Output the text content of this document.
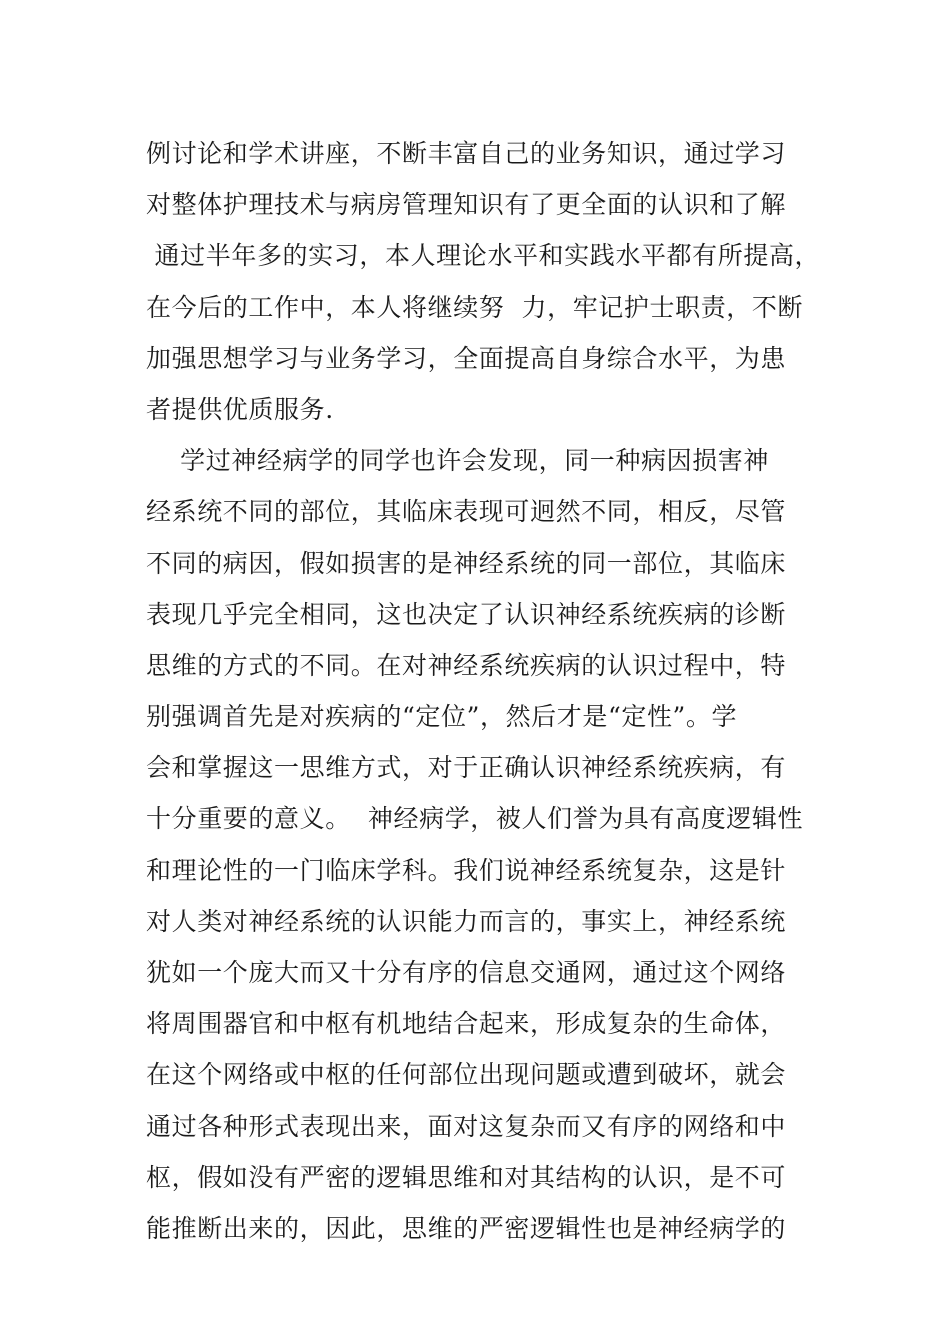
例讨论和学术讲座，不断丰富自己的业务知识，通过学习
对整体护理技术与病房管理知识有了更全面的认识和了解
通过半年多的实习，本人理论水平和实践水平都有所提高，
在今后的工作中，本人将继续努  力，牢记护士职责，不断
加强思想学习与业务学习，全面提高自身综合水平，为患
者提供优质服务.
学过神经病学的同学也许会发现，同一种病因损害神
经系统不同的部位，其临床表现可迥然不同，相反，尽管
不同的病因，假如损害的是神经系统的同一部位，其临床
表现几乎完全相同，这也决定了认识神经系统疾病的诊断
思维的方式的不同。在对神经系统疾病的认识过程中，特
别强调首先是对疾病的“定位”，然后才是“定性”。学
会和掌握这一思维方式，对于正确认识神经系统疾病，有
十分重要的意义。  神经病学，被人们誉为具有高度逻辑性
和理论性的一门临床学科。我们说神经系统复杂，这是针
对人类对神经系统的认识能力而言的，事实上，神经系统
犹如一个庞大而又十分有序的信息交通网，通过这个网络
将周围器官和中枢有机地结合起来，形成复杂的生命体，
在这个网络或中枢的任何部位出现问题或遭到破坏，就会
通过各种形式表现出来，面对这复杂而又有序的网络和中
枢，假如没有严密的逻辑思维和对其结构的认识，是不可
能推断出来的，因此，思维的严密逻辑性也是神经病学的
